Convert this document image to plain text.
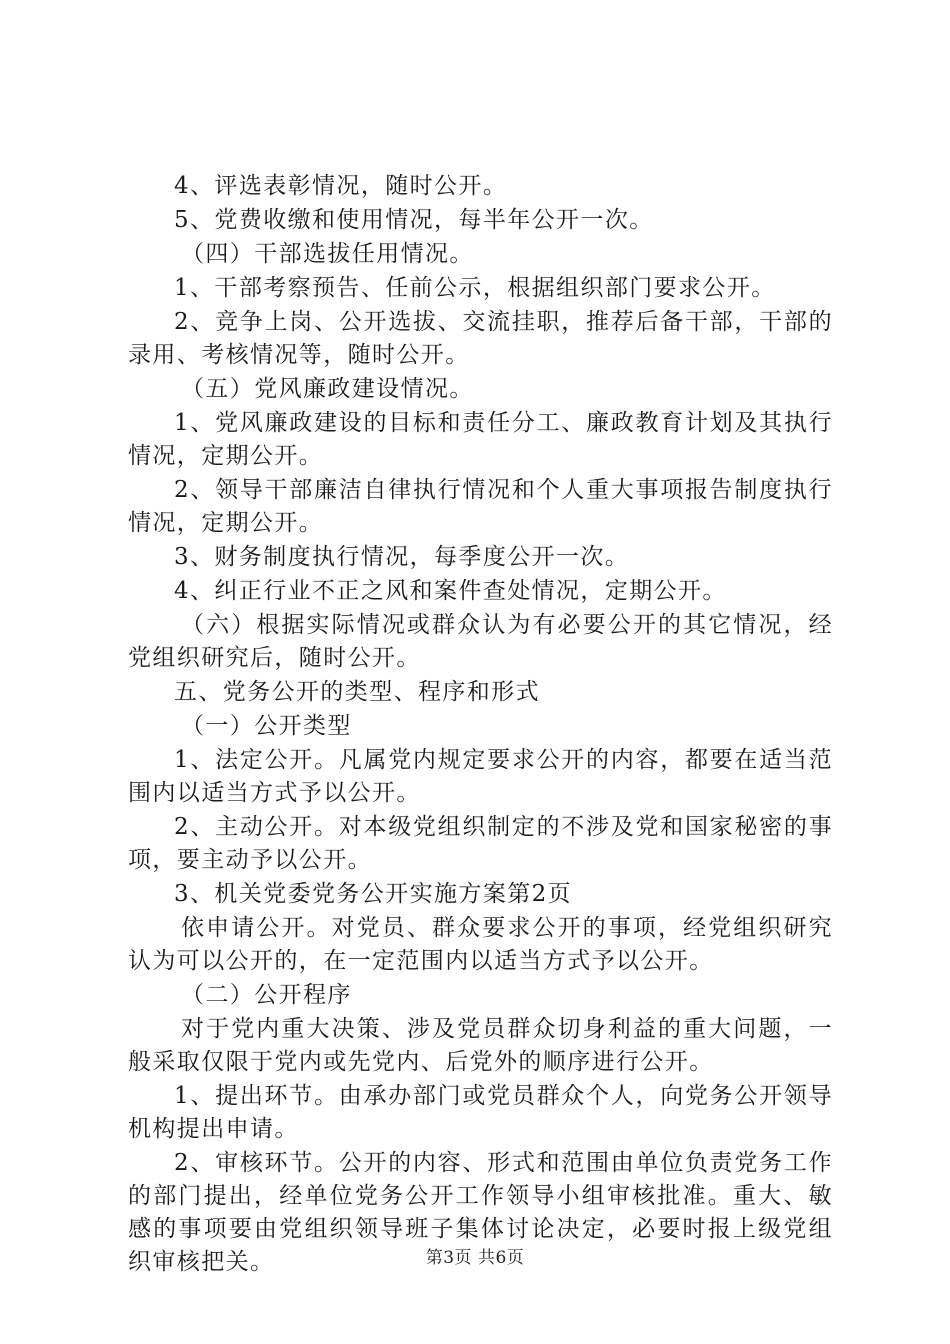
4、评选表彰情况，随时公开。

5、党费收缴和使用情况，每半年公开一次。

（四）干部选拔任用情况。

1、干部考察预告、任前公示，根据组织部门要求公开。

2、竞争上岗、公开选拔、交流挂职，推荐后备干部，干部的录用、考核情况等，随时公开。

（五）党风廉政建设情况。

1、党风廉政建设的目标和责任分工、廉政教育计划及其执行情况，定期公开。

2、领导干部廉洁自律执行情况和个人重大事项报告制度执行情况，定期公开。

3、财务制度执行情况，每季度公开一次。

4、纠正行业不正之风和案件查处情况，定期公开。

（六）根据实际情况或群众认为有必要公开的其它情况，经党组织研究后，随时公开。

五、党务公开的类型、程序和形式

（一）公开类型

1、法定公开。凡属党内规定要求公开的内容，都要在适当范围内以适当方式予以公开。

2、主动公开。对本级党组织制定的不涉及党和国家秘密的事项，要主动予以公开。

3、机关党委党务公开实施方案第2页

依申请公开。对党员、群众要求公开的事项，经党组织研究认为可以公开的，在一定范围内以适当方式予以公开。

（二）公开程序

对于党内重大决策、涉及党员群众切身利益的重大问题，一般采取仅限于党内或先党内、后党外的顺序进行公开。

1、提出环节。由承办部门或党员群众个人，向党务公开领导机构提出申请。

2、审核环节。公开的内容、形式和范围由单位负责党务工作的部门提出，经单位党务公开工作领导小组审核批准。重大、敏感的事项要由党组织领导班子集体讨论决定，必要时报上级党组织审核把关。	第3页 共6页
